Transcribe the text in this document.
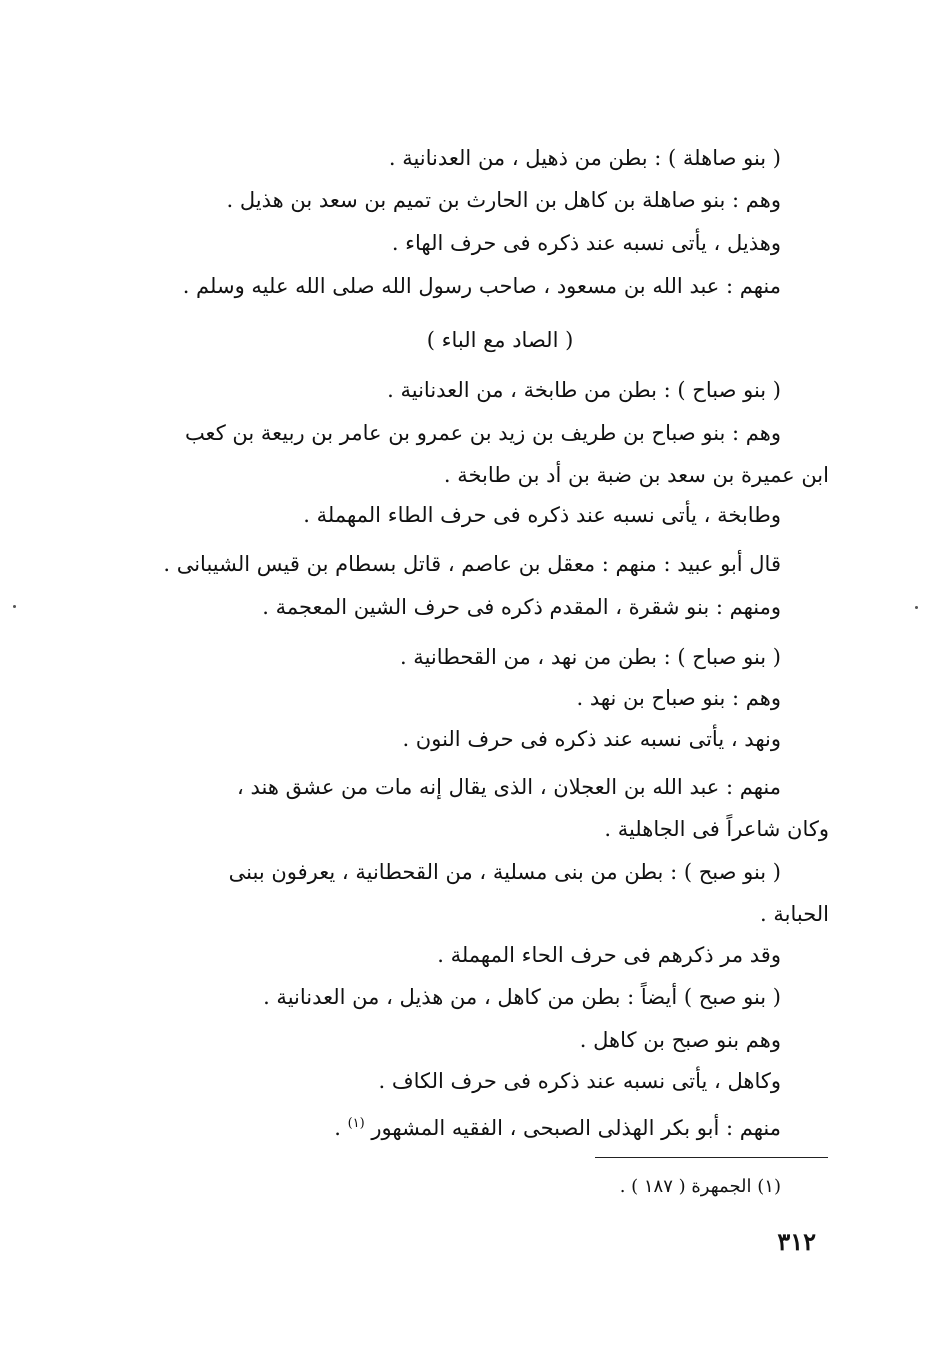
( بنو صاهلة ) : بطن من ذهيل ، من العدنانية .
وهم : بنو صاهلة بن كاهل بن الحارث بن تميم بن سعد بن هذيل .
وهذيل ، يأتى نسبه عند ذكره فى حرف الهاء .
منهم : عبد الله بن مسعود ، صاحب رسول الله صلى الله عليه وسلم .
( الصاد مع الباء )
( بنو صباح ) : بطن من طابخة ، من العدنانية .
وهم : بنو صباح بن طريف بن زيد بن عمرو بن عامر بن ربيعة بن كعب
ابن عميرة بن سعد بن ضبة بن أد بن طابخة .
وطابخة ، يأتى نسبه عند ذكره فى حرف الطاء المهملة .
قال أبو عبيد : منهم : معقل بن عاصم ، قاتل بسطام بن قيس الشيبانى .
ومنهم : بنو شقرة ، المقدم ذكره فى حرف الشين المعجمة .
( بنو صباح ) : بطن من نهد ، من القحطانية .
وهم : بنو صباح بن نهد .
ونهد ، يأتى نسبه عند ذكره فى حرف النون .
منهم : عبد الله بن العجلان ، الذى يقال إنه مات من عشق هند ،
وكان شاعراً فى الجاهلية .
( بنو صبح ) : بطن من بنى مسلية ، من القحطانية ، يعرفون ببنى
الحبابة .
وقد مر ذكرهم فى حرف الحاء المهملة .
( بنو صبح ) أيضاً : بطن من كاهل ، من هذيل ، من العدنانية .
وهم بنو صبح بن كاهل .
وكاهل ، يأتى نسبه عند ذكره فى حرف الكاف .
منهم : أبو بكر الهذلى الصبحى ، الفقيه المشهور $^{(١)}$ .
(١) الجمهرة ( ١٨٧ ) .
٣١٢
